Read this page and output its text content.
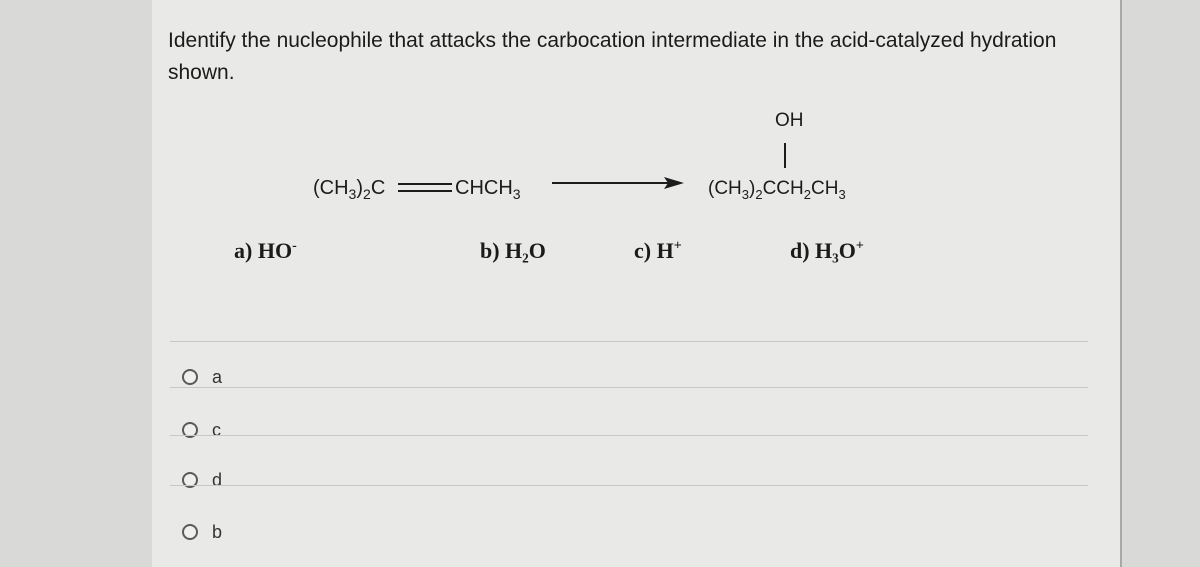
Identify the nucleophile that attacks the carbocation intermediate in the acid-catalyzed hydration shown.
$(CH_3)_2C$	$CHCH_3$
OH
$(CH_3)_2CCH_2CH_3$
a) HO-	b) H₂O	c) H+	d) H₃O+
a
c
d
b
